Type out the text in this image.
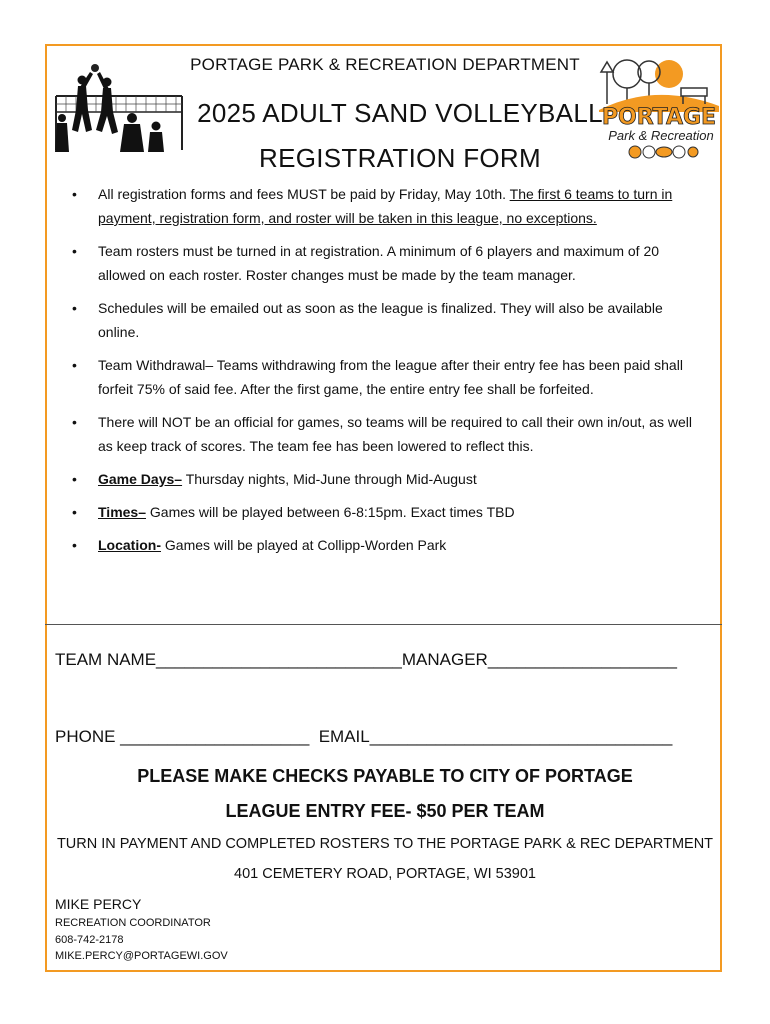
PORTAGE
Park & Recreation
PORTAGE PARK & RECREATION DEPARTMENT
2025 ADULT SAND VOLLEYBALL
REGISTRATION FORM
• All registration forms and fees MUST be paid by Friday, May 10th. The first 6 teams to turn in payment, registration form, and roster will be taken in this league, no exceptions.
• Team rosters must be turned in at registration. A minimum of 6 players and maximum of 20 allowed on each roster. Roster changes must be made by the team manager.
• Schedules will be emailed out as soon as the league is finalized. They will also be available online.
• Team Withdrawal– Teams withdrawing from the league after their entry fee has been paid shall forfeit 75% of said fee. After the first game, the entire entry fee shall be forfeited.
• There will NOT be an official for games, so teams will be required to call their own in/out, as well as keep track of scores. The team fee has been lowered to reflect this.
• Game Days– Thursday nights, Mid-June through Mid-August
• Times– Games will be played between 6-8:15pm. Exact times TBD
• Location- Games will be played at Collipp-Worden Park
TEAM NAME__________________________MANAGER____________________
PHONE ____________________  EMAIL________________________________
PLEASE MAKE CHECKS PAYABLE TO CITY OF PORTAGE
LEAGUE ENTRY FEE- $50 PER TEAM
TURN IN PAYMENT AND COMPLETED ROSTERS TO THE PORTAGE PARK & REC DEPARTMENT
401 CEMETERY ROAD, PORTAGE, WI 53901
MIKE PERCY
RECREATION COORDINATOR
608-742-2178
MIKE.PERCY@PORTAGEWI.GOV
